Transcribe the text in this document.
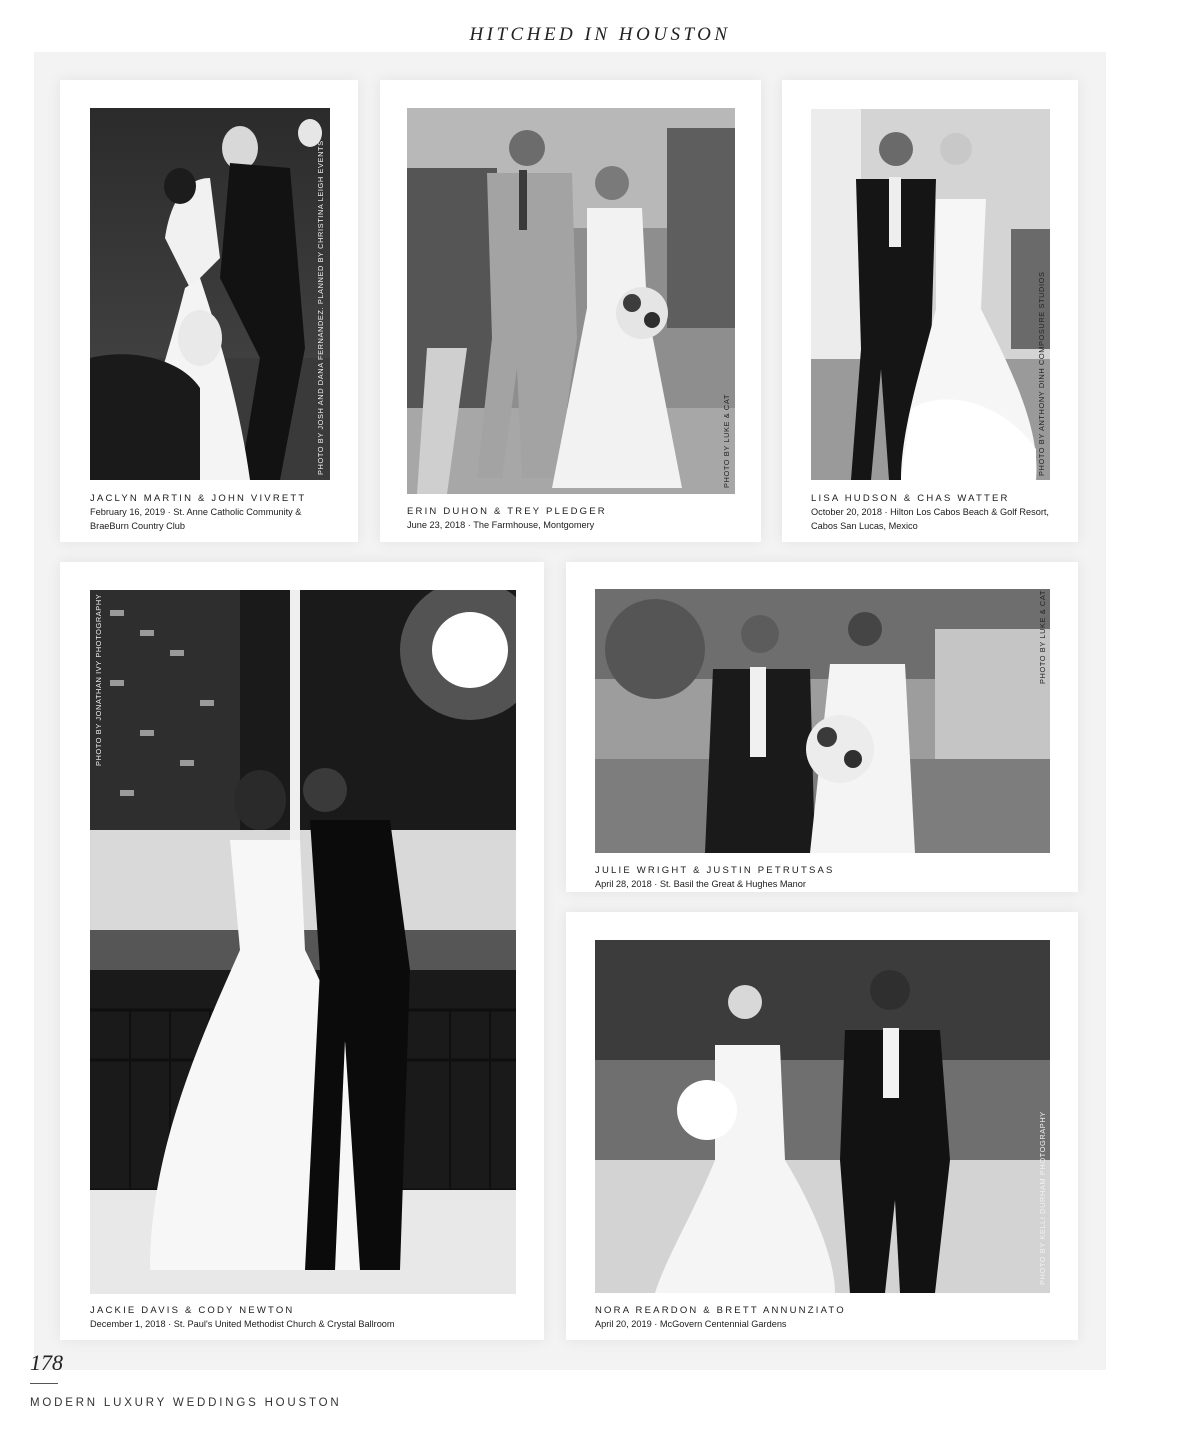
HITCHED IN HOUSTON
PHOTO BY JOSH AND DANA FERNANDEZ. PLANNED BY CHRISTINA LEIGH EVENTS
JACLYN MARTIN & JOHN VIVRETT
February 16, 2019 · St. Anne Catholic Community & BraeBurn Country Club
PHOTO BY LUKE & CAT
ERIN DUHON & TREY PLEDGER
June 23, 2018 · The Farmhouse, Montgomery
PHOTO BY ANTHONY DINH COMPOSURE STUDIOS
LISA HUDSON & CHAS WATTER
October 20, 2018 · Hilton Los Cabos Beach & Golf Resort, Cabos San Lucas, Mexico
PHOTO BY JONATHAN IVY PHOTOGRAPHY
JACKIE DAVIS & CODY NEWTON
December 1, 2018 · St. Paul's United Methodist Church & Crystal Ballroom
PHOTO BY LUKE & CAT
JULIE WRIGHT & JUSTIN PETRUTSAS
April 28, 2018 · St. Basil the Great & Hughes Manor
PHOTO BY KELLI DURHAM PHOTOGRAPHY
NORA REARDON & BRETT ANNUNZIATO
April 20, 2019 · McGovern Centennial Gardens
178
MODERN LUXURY WEDDINGS HOUSTON
